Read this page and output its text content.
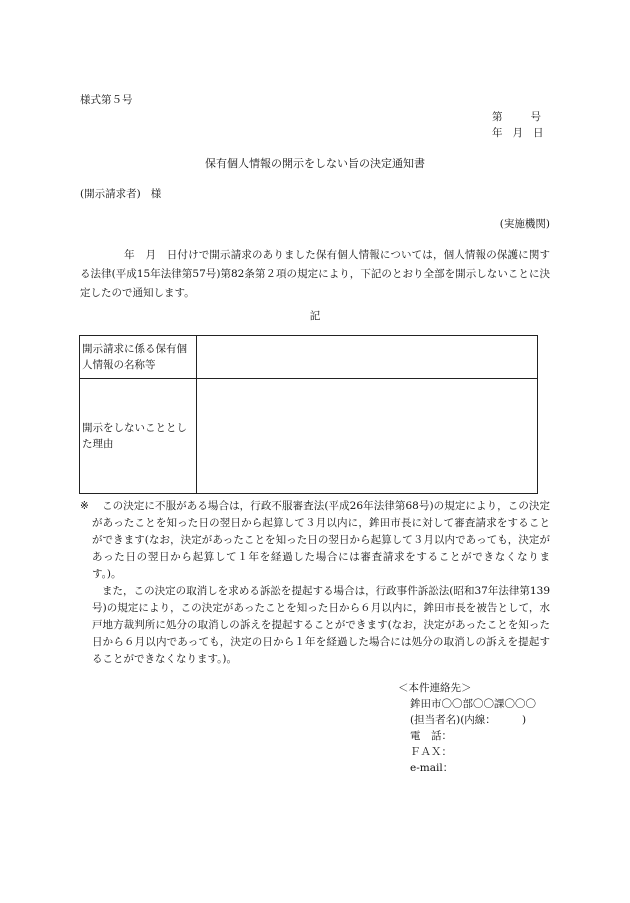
様式第５号
第	号
年 月 日
保有個人情報の開示をしない旨の決定通知書
(開示請求者) 様
(実施機関)
年　月　日付けで開示請求のありました保有個人情報については，個人情報の保護に関する法律(平成15年法律第57号)第82条第２項の規定により，下記のとおり全部を開示しないことに決定したので通知します。
記
開示請求に係る保有個人情報の名称等	
開示をしないこととした理由	

※ この決定に不服がある場合は，行政不服審査法(平成26年法律第68号)の規定により，この決定があったことを知った日の翌日から起算して３月以内に，鉾田市長に対して審査請求をすることができます(なお，決定があったことを知った日の翌日から起算して３月以内であっても，決定があった日の翌日から起算して１年を経過した場合には審査請求をすることができなくなります。)。

また，この決定の取消しを求める訴訟を提起する場合は，行政事件訴訟法(昭和37年法律第139号)の規定により，この決定があったことを知った日から６月以内に，鉾田市長を被告として，水戸地方裁判所に処分の取消しの訴えを提起することができます(なお，決定があったことを知った日から６月以内であっても，決定の日から１年を経過した場合には処分の取消しの訴えを提起することができなくなります。)。

＜本件連絡先＞
鉾田市〇〇部〇〇課〇〇〇
(担当者名)(内線：　　　)
電　話：
ＦＡＸ：
e-mail：
